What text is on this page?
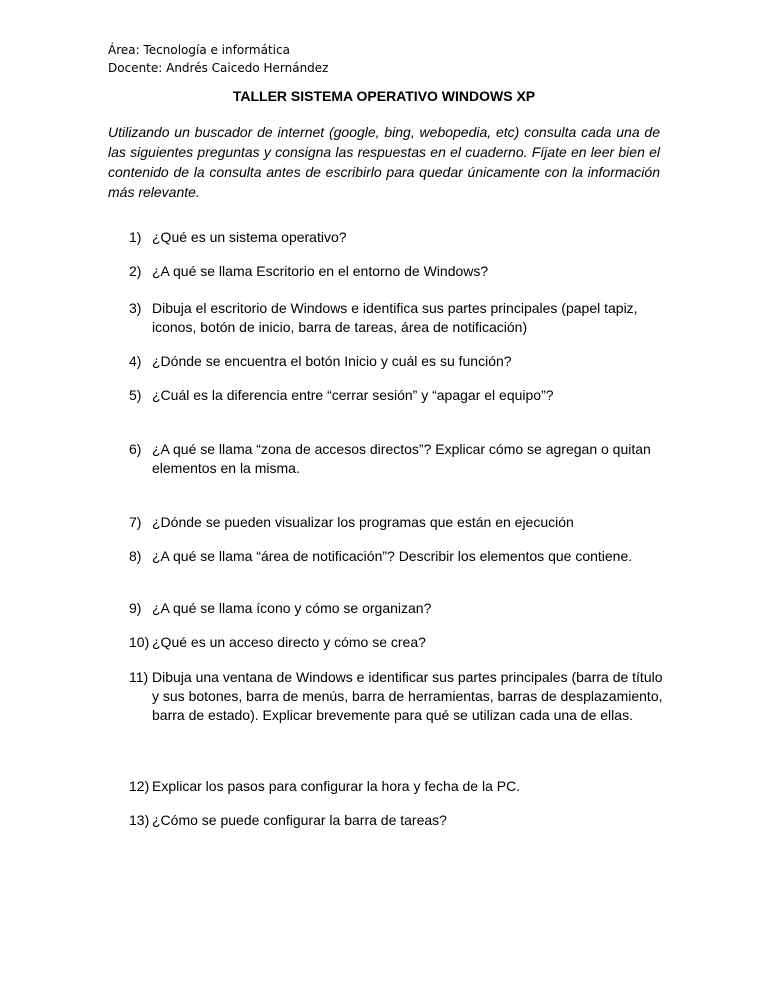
Área: Tecnología e informática
Docente: Andrés Caicedo Hernández
TALLER SISTEMA OPERATIVO WINDOWS XP
Utilizando un buscador de internet (google, bing, webopedia, etc) consulta cada una de las siguientes preguntas y consigna las respuestas en el cuaderno. Fíjate en leer bien el contenido de la consulta antes de escribirlo para quedar únicamente con la información más relevante.
1) ¿Qué es un sistema operativo?
2) ¿A qué se llama Escritorio en el entorno de Windows?
3) Dibuja el escritorio de Windows e identifica sus partes principales (papel tapiz, iconos, botón de inicio, barra de tareas, área de notificación)
4) ¿Dónde se encuentra el botón Inicio y cuál es su función?
5) ¿Cuál es la diferencia entre “cerrar sesión” y “apagar el equipo”?
6) ¿A qué se llama “zona de accesos directos”? Explicar cómo se agregan o quitan elementos en la misma.
7) ¿Dónde se pueden visualizar los programas que están en ejecución
8) ¿A qué se llama “área de notificación”? Describir los elementos que contiene.
9) ¿A qué se llama ícono y cómo se organizan?
10) ¿Qué es un acceso directo y cómo se crea?
11) Dibuja una ventana de Windows e identificar sus partes principales (barra de título y sus botones, barra de menús, barra de herramientas, barras de desplazamiento, barra de estado). Explicar brevemente para qué se utilizan cada una de ellas.
12) Explicar los pasos para configurar la hora y fecha de la PC.
13) ¿Cómo se puede configurar la barra de tareas?
